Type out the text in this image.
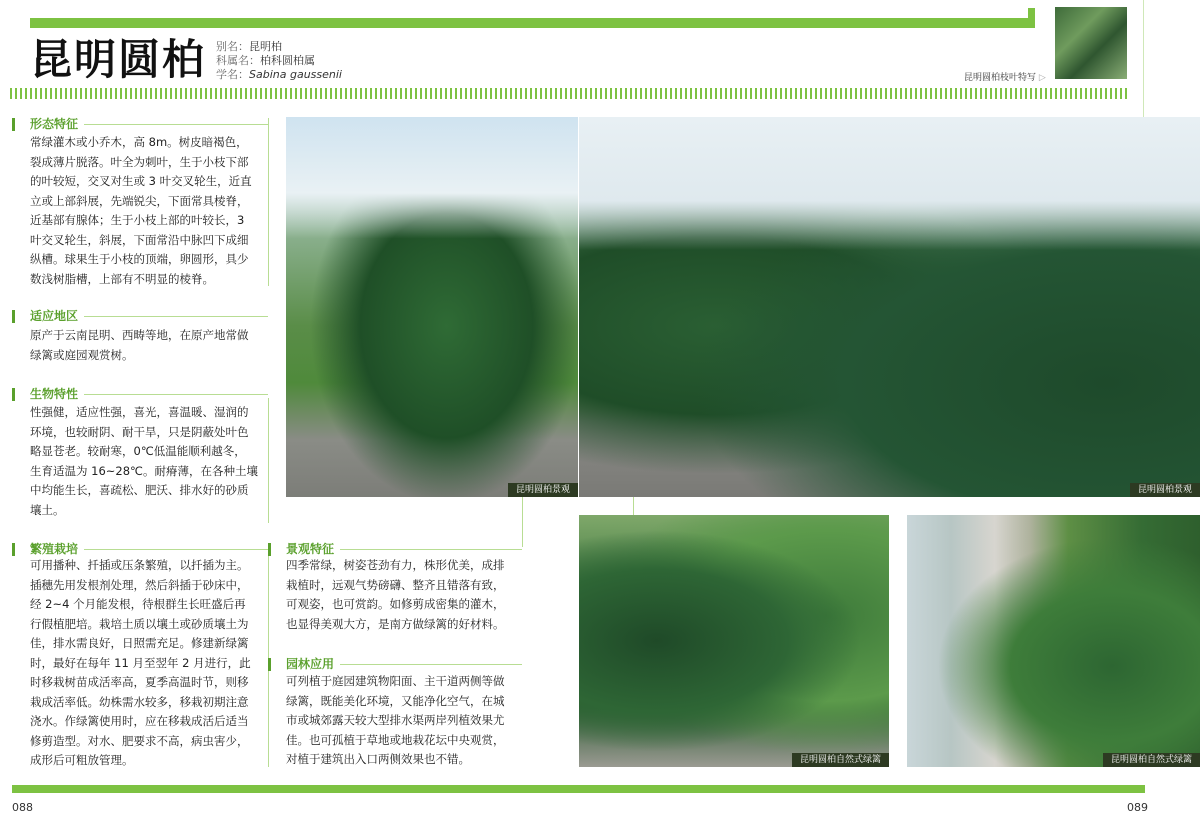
昆明圆柏 别名：昆明柏
科属名：柏科圆柏属
学名：Sabina gaussenii	昆明圆柏枝叶特写 ▷
形态特征
常绿灌木或小乔木，高 8m。树皮暗褐色，
裂成薄片脱落。叶全为刺叶，生于小枝下部
的叶较短，交叉对生或 3 叶交叉轮生，近直
立或上部斜展，先端锐尖，下面常具棱脊，
近基部有腺体；生于小枝上部的叶较长，3
叶交叉轮生，斜展，下面常沿中脉凹下成细
纵槽。球果生于小枝的顶端，卵圆形，具少
数浅树脂槽，上部有不明显的棱脊。
适应地区
原产于云南昆明、西畴等地，在原产地常做
绿篱或庭园观赏树。
生物特性
性强健，适应性强，喜光，喜温暖、湿润的
环境，也较耐阴、耐干旱，只是阴蔽处叶色
略显苍老。较耐寒，0℃低温能顺利越冬，
生育适温为 16~28℃。耐瘠薄，在各种土壤
中均能生长，喜疏松、肥沃、排水好的砂质
壤土。
繁殖栽培
可用播种、扦插或压条繁殖，以扦插为主。
插穗先用发根剂处理，然后斜插于砂床中，
经 2~4 个月能发根，待根群生长旺盛后再
行假植肥培。栽培土质以壤土或砂质壤土为
佳，排水需良好，日照需充足。修建新绿篱
时，最好在每年 11 月至翌年 2 月进行，此
时移栽树苗成活率高，夏季高温时节，则移
栽成活率低。幼株需水较多，移栽初期注意
浇水。作绿篱使用时，应在移栽成活后适当
修剪造型。对水、肥要求不高，病虫害少，
成形后可粗放管理。
景观特征
四季常绿，树姿苍劲有力，株形优美，成排
栽植时，远观气势磅礴、整齐且错落有致，
可观姿，也可赏韵。如修剪成密集的灌木，
也显得美观大方，是南方做绿篱的好材料。
园林应用
可列植于庭园建筑物阳面、主干道两侧等做
绿篱，既能美化环境，又能净化空气，在城
市或城郊露天较大型排水渠两岸列植效果尤
佳。也可孤植于草地或地栽花坛中央观赏，
对植于建筑出入口两侧效果也不错。
昆明圆柏景观	昆明圆柏景观
昆明圆柏自然式绿篱	昆明圆柏自然式绿篱
088	089
